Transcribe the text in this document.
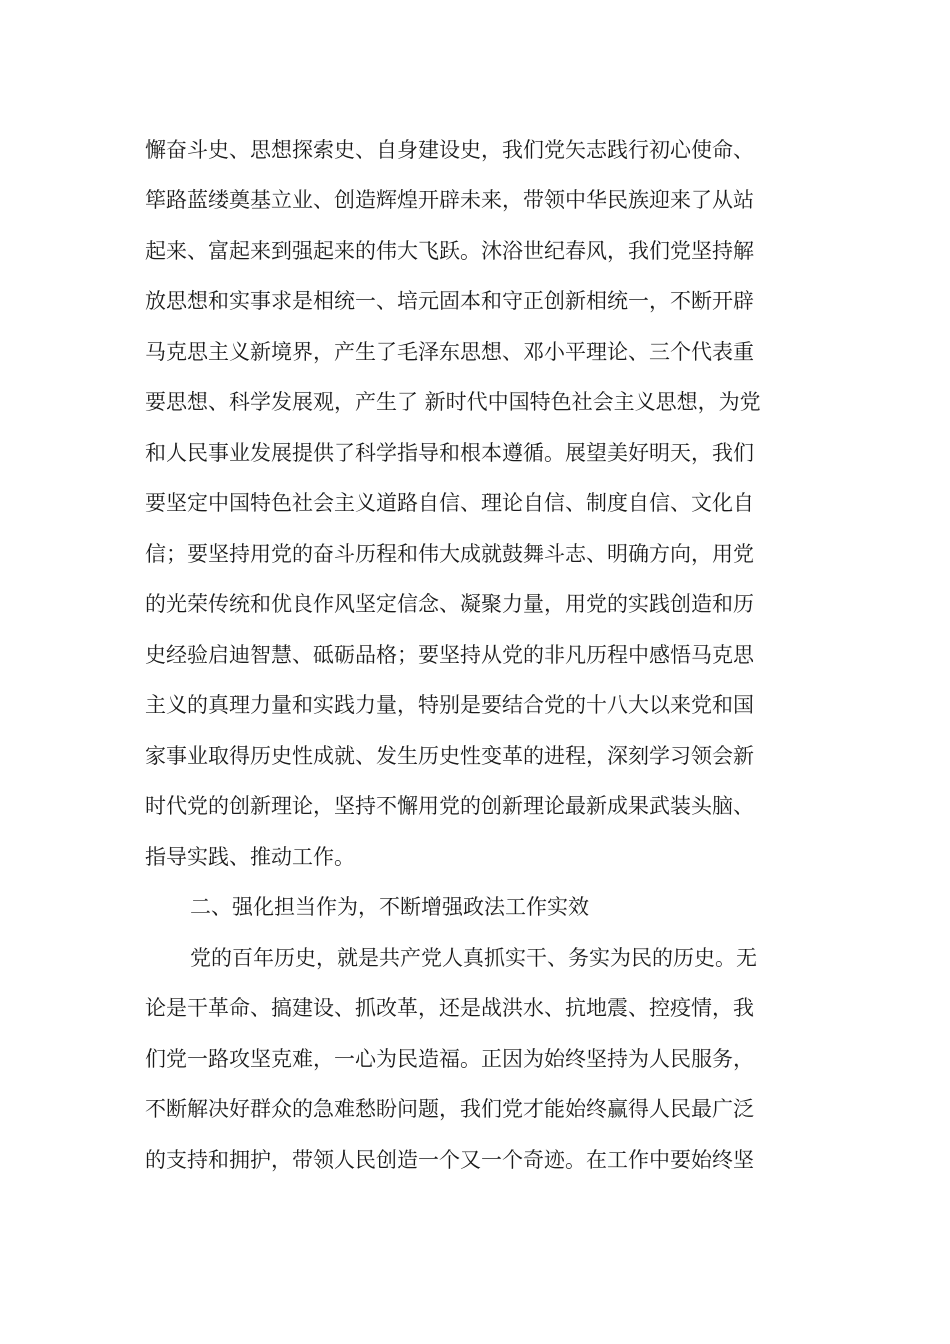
懈奋斗史、思想探索史、自身建设史，我们党矢志践行初心使命、
筚路蓝缕奠基立业、创造辉煌开辟未来，带领中华民族迎来了从站
起来、富起来到强起来的伟大飞跃。沐浴世纪春风，我们党坚持解
放思想和实事求是相统一、培元固本和守正创新相统一，不断开辟
马克思主义新境界，产生了毛泽东思想、邓小平理论、三个代表重
要思想、科学发展观，产生了 新时代中国特色社会主义思想，为党
和人民事业发展提供了科学指导和根本遵循。展望美好明天，我们
要坚定中国特色社会主义道路自信、理论自信、制度自信、文化自
信；要坚持用党的奋斗历程和伟大成就鼓舞斗志、明确方向，用党
的光荣传统和优良作风坚定信念、凝聚力量，用党的实践创造和历
史经验启迪智慧、砥砺品格；要坚持从党的非凡历程中感悟马克思
主义的真理力量和实践力量，特别是要结合党的十八大以来党和国
家事业取得历史性成就、发生历史性变革的进程，深刻学习领会新
时代党的创新理论，坚持不懈用党的创新理论最新成果武装头脑、
指导实践、推动工作。
二、强化担当作为，不断增强政法工作实效
党的百年历史，就是共产党人真抓实干、务实为民的历史。无
论是干革命、搞建设、抓改革，还是战洪水、抗地震、控疫情，我
们党一路攻坚克难，一心为民造福。正因为始终坚持为人民服务，
不断解决好群众的急难愁盼问题，我们党才能始终赢得人民最广泛
的支持和拥护，带领人民创造一个又一个奇迹。在工作中要始终坚
